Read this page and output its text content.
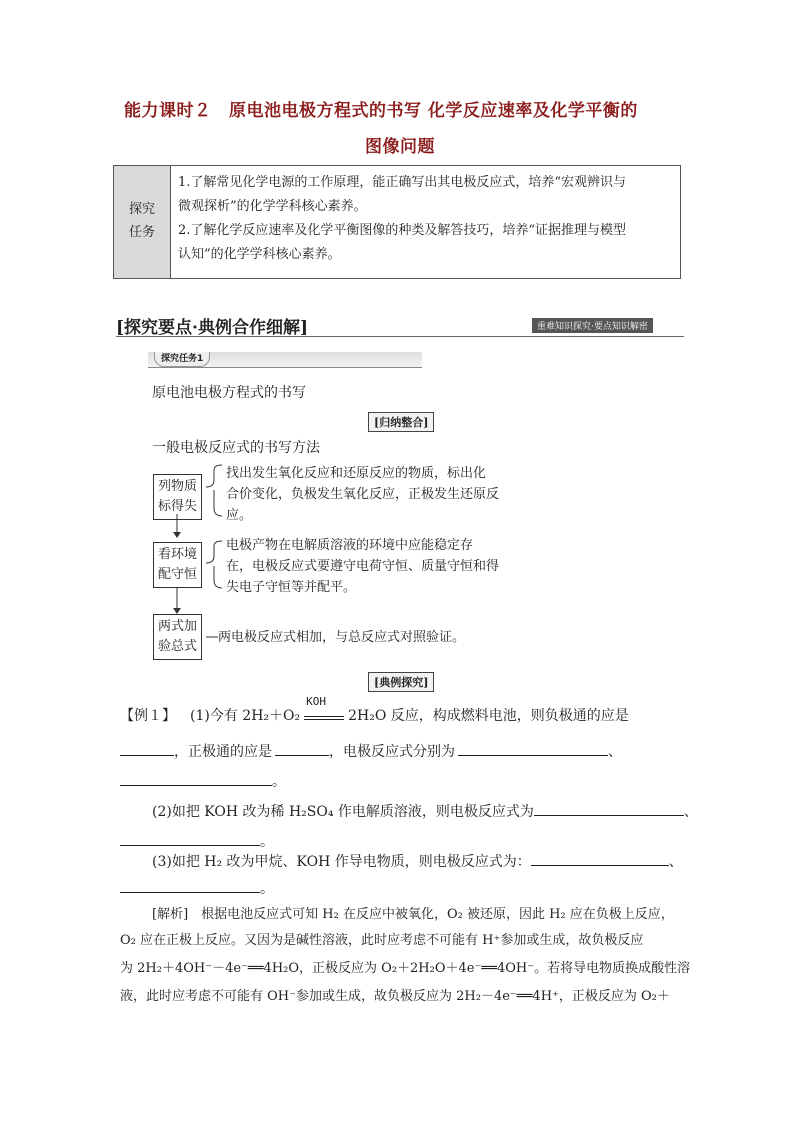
能力课时２　原电池电极方程式的书写 化学反应速率及化学平衡的
图像问题
探究任务
1.了解常见化学电源的工作原理，能正确写出其电极反应式，培养“宏观辨识与
微观探析”的化学学科核心素养。
2.了解化学反应速率及化学平衡图像的种类及解答技巧，培养“证据推理与模型
认知”的化学学科核心素养。
[探究要点·典例合作细解]	重难知识探究·要点知识解密
探究任务1
原电池电极方程式的书写
[归纳整合]
一般电极反应式的书写方法
列物质
标得失
找出发生氧化反应和还原反应的物质，标出化
合价变化，负极发生氧化反应，正极发生还原反
应。
看环境
配守恒
电极产物在电解质溶液的环境中应能稳定存
在，电极反应式要遵守电荷守恒、质量守恒和得
失电子守恒等并配平。
两式加
验总式
两电极反应式相加，与总反应式对照验证。
[典例探究]
【例１】 (1)今有 2H₂＋O₂
KOH
2H₂O 反应，构成燃料电池，则负极通的应是
，正极通的应是	，电极反应式分别为	、
。
(2)如把 KOH 改为稀 H₂SO₄ 作电解质溶液，则电极反应式为	、
。
(3)如把 H₂ 改为甲烷、KOH 作导电物质，则电极反应式为：	、
。
[解析]　根据电池反应式可知 H₂ 在反应中被氧化，O₂ 被还原，因此 H₂ 应在负极上反应，
O₂ 应在正极上反应。又因为是碱性溶液，此时应考虑不可能有 H⁺参加或生成，故负极反应
为 2H₂＋4OH⁻－4e⁻══4H₂O，正极反应为 O₂＋2H₂O＋4e⁻══4OH⁻。若将导电物质换成酸性溶
液，此时应考虑不可能有 OH⁻参加或生成，故负极反应为 2H₂－4e⁻══4H⁺，正极反应为 O₂＋
